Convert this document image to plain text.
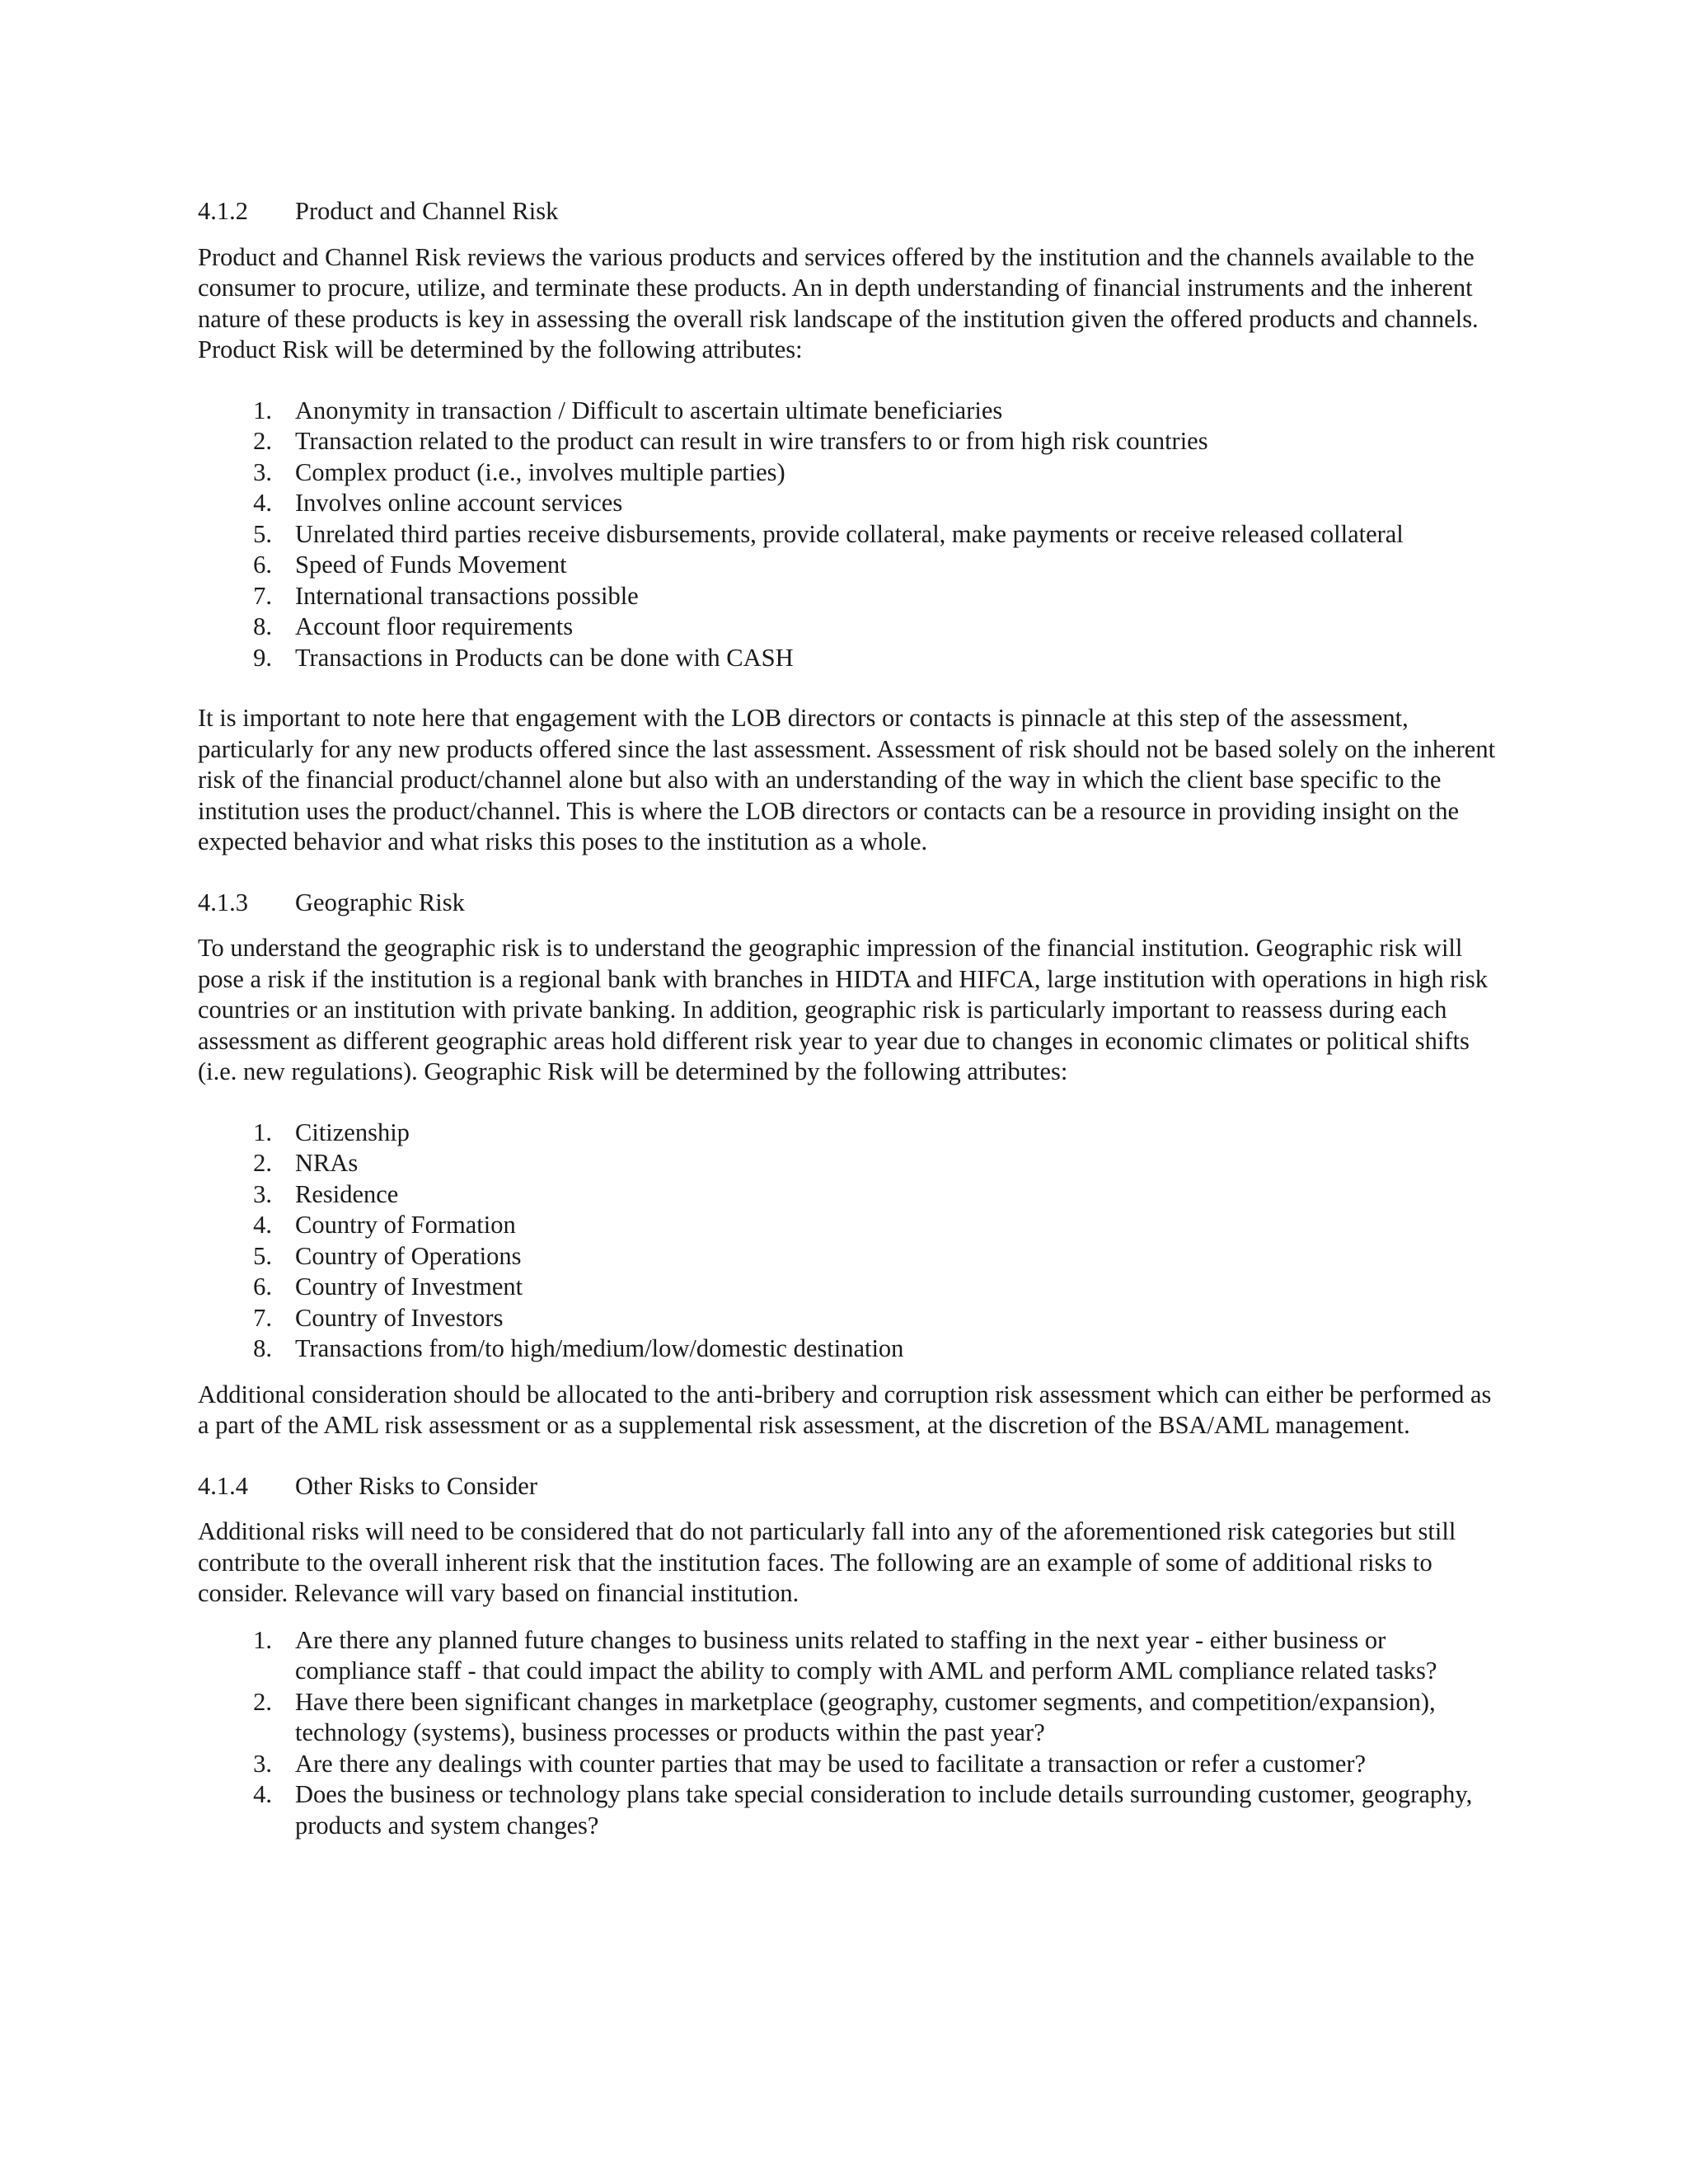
4.1.2	Product and Channel Risk

Product and Channel Risk reviews the various products and services offered by the institution and the channels available to the consumer to procure, utilize, and terminate these products. An in depth understanding of financial instruments and the inherent nature of these products is key in assessing the overall risk landscape of the institution given the offered products and channels. Product Risk will be determined by the following attributes:

1. Anonymity in transaction / Difficult to ascertain ultimate beneficiaries
2. Transaction related to the product can result in wire transfers to or from high risk countries
3. Complex product (i.e., involves multiple parties)
4. Involves online account services
5. Unrelated third parties receive disbursements, provide collateral, make payments or receive released collateral
6. Speed of Funds Movement
7. International transactions possible
8. Account floor requirements
9. Transactions in Products can be done with CASH

It is important to note here that engagement with the LOB directors or contacts is pinnacle at this step of the assessment, particularly for any new products offered since the last assessment. Assessment of risk should not be based solely on the inherent risk of the financial product/channel alone but also with an understanding of the way in which the client base specific to the institution uses the product/channel. This is where the LOB directors or contacts can be a resource in providing insight on the expected behavior and what risks this poses to the institution as a whole.

4.1.3	Geographic Risk

To understand the geographic risk is to understand the geographic impression of the financial institution. Geographic risk will pose a risk if the institution is a regional bank with branches in HIDTA and HIFCA, large institution with operations in high risk countries or an institution with private banking. In addition, geographic risk is particularly important to reassess during each assessment as different geographic areas hold different risk year to year due to changes in economic climates or political shifts (i.e. new regulations). Geographic Risk will be determined by the following attributes:

1. Citizenship
2. NRAs
3. Residence
4. Country of Formation
5. Country of Operations
6. Country of Investment
7. Country of Investors
8. Transactions from/to high/medium/low/domestic destination

Additional consideration should be allocated to the anti-bribery and corruption risk assessment which can either be performed as a part of the AML risk assessment or as a supplemental risk assessment, at the discretion of the BSA/AML management.

4.1.4	Other Risks to Consider

Additional risks will need to be considered that do not particularly fall into any of the aforementioned risk categories but still contribute to the overall inherent risk that the institution faces. The following are an example of some of additional risks to consider. Relevance will vary based on financial institution.

1. Are there any planned future changes to business units related to staffing in the next year - either business or compliance staff - that could impact the ability to comply with AML and perform AML compliance related tasks?
2. Have there been significant changes in marketplace (geography, customer segments, and competition/expansion), technology (systems), business processes or products within the past year?
3. Are there any dealings with counter parties that may be used to facilitate a transaction or refer a customer?
4. Does the business or technology plans take special consideration to include details surrounding customer, geography, products and system changes?
